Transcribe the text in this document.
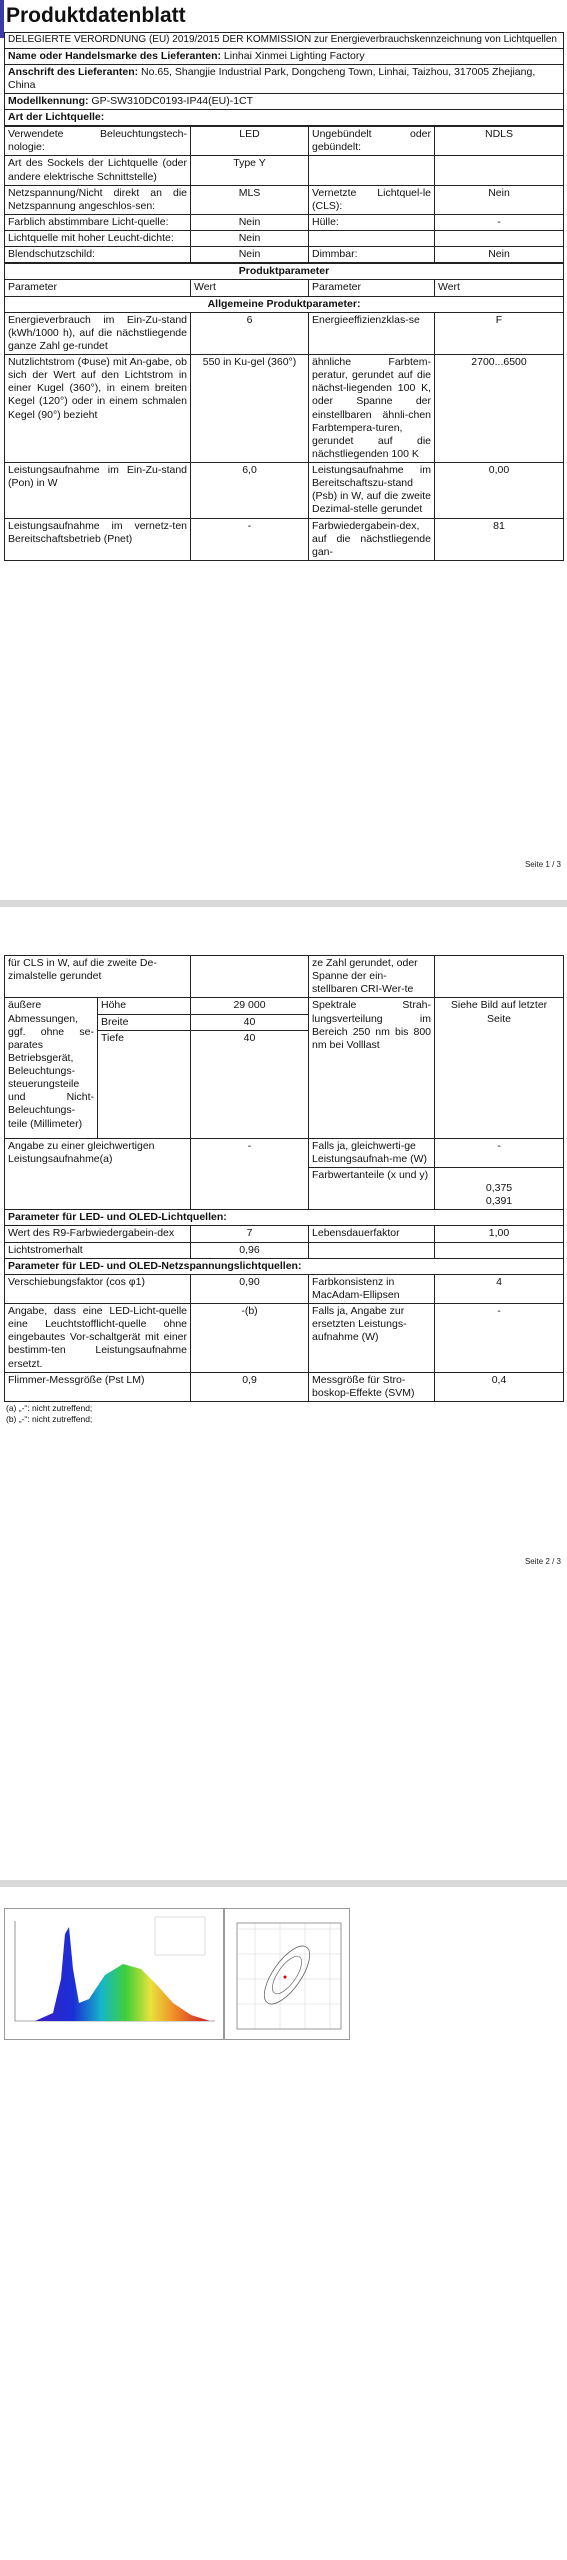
Produktdatenblatt
DELEGIERTE VERORDNUNG (EU) 2019/2015 DER KOMMISSION zur Energieverbrauchskennzeichnung von Lichtquellen
Name oder Handelsmarke des Lieferanten: Linhai Xinmei Lighting Factory
Anschrift des Lieferanten: No.65, Shangjie Industrial Park, Dongcheng Town, Linhai, Taizhou, 317005 Zhejiang, China
Modellkennung: GP-SW310DC0193-IP44(EU)-1CT
Art der Lichtquelle:
Verwendete Beleuchtungstech-nologie:	LED	Ungebündelt oder gebündelt:	NDLS
Art des Sockels der Lichtquelle (oder andere elektrische Schnittstelle)	Type Y		
Netzspannung/Nicht direkt an die Netzspannung angeschlos-sen:	MLS	Vernetzte Lichtquel-le (CLS):	Nein
Farblich abstimmbare Licht-quelle:	Nein	Hülle:	-
Lichtquelle mit hoher Leucht-dichte:	Nein		
Blendschutzschild:	Nein	Dimmbar:	Nein
Produktparameter			
Parameter	Wert	Parameter	Wert
Allgemeine Produktparameter:			
Energieverbrauch im Ein-Zu-stand (kWh/1000 h), auf die nächstliegende ganze Zahl ge-rundet	6	Energieeffizienzklas-se	F
Nutzlichtstrom (Φuse) mit An-gabe, ob sich der Wert auf den Lichtstrom in einer Kugel (360°), in einem breiten Kegel (120°) oder in einem schmalen Kegel (90°) bezieht	550 in Ku-gel (360°)	ähnliche Farbtem-peratur, gerundet auf die nächst-liegenden 100 K, oder Spanne der einstellbaren ähnli-chen Farbtempera-turen, gerundet auf die nächstliegenden 100 K	2700...6500
Leistungsaufnahme im Ein-Zu-stand (Pon) in W	6,0	Leistungsaufnahme im Bereitschaftszu-stand (Psb) in W, auf die zweite Dezimal-stelle gerundet	0,00
Leistungsaufnahme im vernetz-ten Bereitschaftsbetrieb (Pnet)	-	Farbwiedergabein-dex, auf die nächstliegende gan-	81
Seite 1 / 3
für CLS in W, auf die zweite De-zimalstelle gerundet			ze Zahl gerundet, oder Spanne der ein-stellbaren CRI-Wer-te	
äußere Abmessungen, ggf. ohne se-parates Betriebsgerät, Beleuchtungs-steuerungsteile und Nicht-Beleuchtungs-teile (Millimeter)	Höhe	29 000	Spektrale Strah-lungsverteilung im Bereich 250 nm bis 800 nm bei Volllast	Siehe Bild auf letzter Seite
	Breite	40		
	Tiefe	40		
Angabe zu einer gleichwertigen Leistungsaufnahme(a)		-	Falls ja, gleichwerti-ge Leistungsaufnah-me (W)	-
			Farbwertanteile (x und y)	0,375
0,391
Parameter für LED- und OLED-Lichtquellen:				
Wert des R9-Farbwiedergabein-dex		7	Lebensdauerfaktor	1,00
Lichtstromerhalt		0,96		
Parameter für LED- und OLED-Netzspannungslichtquellen:				
Verschiebungsfaktor (cos φ1)		0,90	Farbkonsistenz in MacAdam-Ellipsen	4
Angabe, dass eine LED-Licht-quelle eine Leuchtstofflicht-quelle ohne eingebautes Vor-schaltgerät mit einer bestimm-ten Leistungsaufnahme ersetzt.		-(b)	Falls ja, Angabe zur ersetzten Leistungs-aufnahme (W)	-
Flimmer-Messgröße (Pst LM)		0,9	Messgröße für Stro-boskop-Effekte (SVM)	0,4
(a) „-“: nicht zutreffend;
(b) „-“: nicht zutreffend;
Seite 2 / 3
